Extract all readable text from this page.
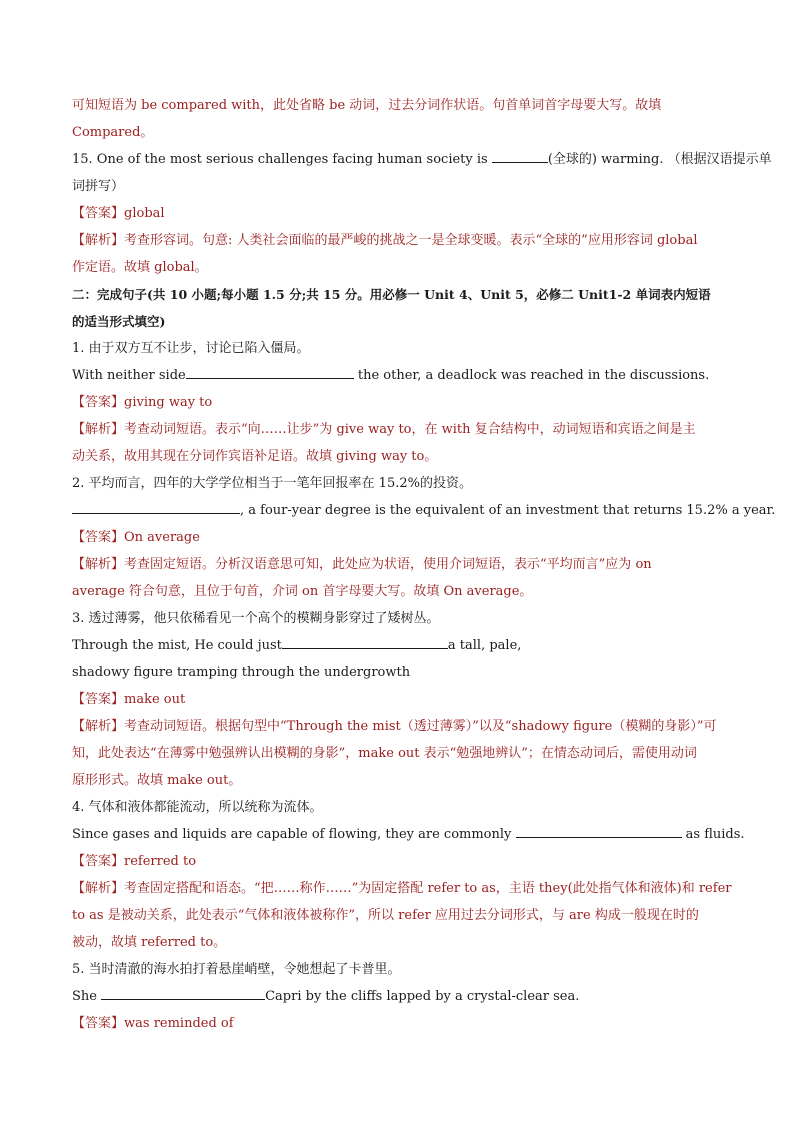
可知短语为 be compared with，此处省略 be 动词，过去分词作状语。句首单词首字母要大写。故填
Compared。
15. One of the most serious challenges facing human society is	(全球的) warming. （根据汉语提示单
词拼写）
【答案】global
【解析】考查形容词。句意: 人类社会面临的最严峻的挑战之一是全球变暖。表示“全球的”应用形容词 global
作定语。故填 global。
二：完成句子(共 10 小题;每小题 1.5 分;共 15 分。用必修一 Unit 4、Unit 5，必修二 Unit1-2 单词表内短语
的适当形式填空)
1. 由于双方互不让步，讨论已陷入僵局。
With neither side	the other, a deadlock was reached in the discussions.
【答案】giving way to
【解析】考查动词短语。表示“向……让步”为 give way to，在 with 复合结构中，动词短语和宾语之间是主
动关系，故用其现在分词作宾语补足语。故填 giving way to。
2. 平均而言，四年的大学学位相当于一笔年回报率在 15.2%的投资。
, a four-year degree is the equivalent of an investment that returns 15.2% a year.
【答案】On average
【解析】考查固定短语。分析汉语意思可知，此处应为状语，使用介词短语，表示“平均而言”应为 on
average 符合句意，且位于句首，介词 on 首字母要大写。故填 On average。
3. 透过薄雾，他只依稀看见一个高个的模糊身影穿过了矮树丛。
Through the mist, He could just	a tall, pale,
shadowy figure tramping through the undergrowth
【答案】make out
【解析】考查动词短语。根据句型中“Through the mist（透过薄雾）”以及“shadowy figure（模糊的身影）”可
知，此处表达“在薄雾中勉强辨认出模糊的身影”，make out 表示“勉强地辨认”；在情态动词后，需使用动词
原形形式。故填 make out。
4. 气体和液体都能流动，所以统称为流体。
Since gases and liquids are capable of flowing, they are commonly	as fluids.
【答案】referred to
【解析】考查固定搭配和语态。“把……称作……”为固定搭配 refer to as，主语 they(此处指气体和液体)和 refer
to as 是被动关系，此处表示“气体和液体被称作”，所以 refer 应用过去分词形式，与 are 构成一般现在时的
被动，故填 referred to。
5. 当时清澈的海水拍打着悬崖峭壁，令她想起了卡普里。
She	Capri by the cliffs lapped by a crystal-clear sea.
【答案】was reminded of
